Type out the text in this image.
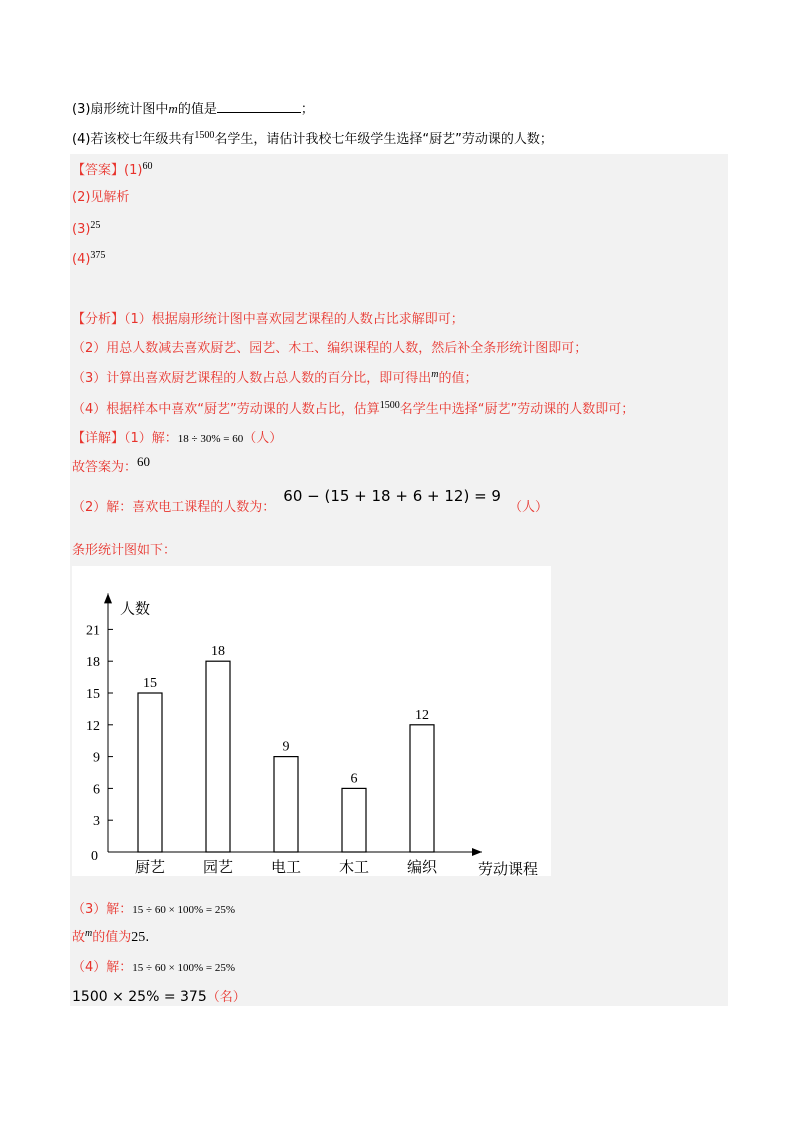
(3)扇形统计图中m的值是	；
(4)若该校七年级共有$^{1500}$名学生，请估计我校七年级学生选择“厨艺”劳动课的人数；
【答案】$(1)^{60}$
(2)见解析
$(3)^{25}$
$(4)^{375}$
【分析】（1）根据扇形统计图中喜欢园艺课程的人数占比求解即可；
（2）用总人数减去喜欢厨艺、园艺、木工、编织课程的人数，然后补全条形统计图即可；
（3）计算出喜欢厨艺课程的人数占总人数的百分比，即可得出$^m$的值；
（4）根据样本中喜欢“厨艺”劳动课的人数占比，估算$^{1500}$名学生中选择“厨艺”劳动课的人数即可；
【详解】（1）解：18 ÷ 30% = 60（人）
故答案为：60
（2）解：喜欢电工课程的人数为：60 − (15 + 18 + 6 + 12) = 9（人）
条形统计图如下：
人数
劳动课程
0
3
6
9
12
15
18
21
15
厨艺
18
园艺
9
电工
6
木工
12
编织
（3）解：15 ÷ 60 × 100% = 25%
故$^m$的值为25.
（4）解：15 ÷ 60 × 100% = 25%
1500 × 25% = 375（名）
